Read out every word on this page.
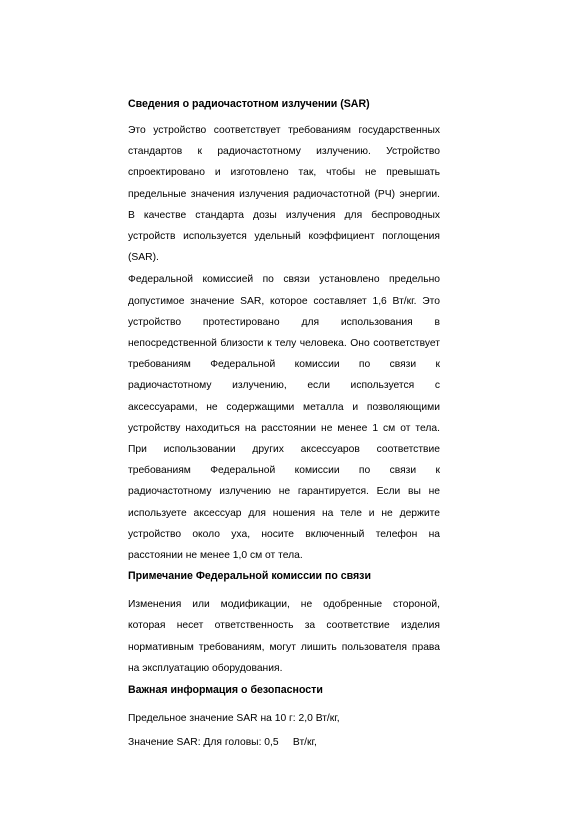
Сведения о радиочастотном излучении (SAR)

Это устройство соответствует требованиям государственных стандартов к радиочастотному излучению. Устройство спроектировано и изготовлено так, чтобы не превышать предельные значения излучения радиочастотной (РЧ) энергии. В качестве стандарта дозы излучения для беспроводных устройств используется удельный коэффициент поглощения (SAR).

Федеральной комиссией по связи установлено предельно допустимое значение SAR, которое составляет 1,6 Вт/кг. Это устройство протестировано для использования в непосредственной близости к телу человека. Оно соответствует требованиям Федеральной комиссии по связи к радиочастотному излучению, если используется с аксессуарами, не содержащими металла и позволяющими устройству находиться на расстоянии не менее 1 см от тела. При использовании других аксессуаров соответствие требованиям Федеральной комиссии по связи к радиочастотному излучению не гарантируется. Если вы не используете аксессуар для ношения на теле и не держите устройство около уха, носите включенный телефон на расстоянии не менее 1,0 см от тела.

Примечание Федеральной комиссии по связи

Изменения или модификации, не одобренные стороной, которая несет ответственность за соответствие изделия нормативным требованиям, могут лишить пользователя права на эксплуатацию оборудования.

Важная информация о безопасности

Предельное значение SAR на 10 г: 2,0 Вт/кг,

Значение SAR: Для головы: 0,5     Вт/кг,
